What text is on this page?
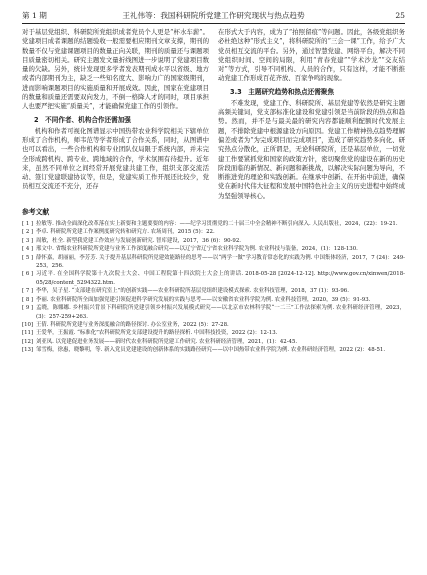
第 1 期	王礼伟等：我国科研院所党建工作研究现状与热点趋势	25

对于基层党组织、科研院所党组织成者党员个人更是“杯水车薪”。党建项目成者课题的结题验收一般需要相应期刊文章支撑，期刊的数量不仅与党建课题项目的数量正向关联，期刊的质量还与课题项目质量密切相关。研究主题发文量折线图进一步说明了党建项目数量的欠缺。另外，统计发现更多学者发表期刊成水平以省级、地方或者内部期刊为主，缺乏一些知名度大、影响力广的国家级期刊，进而影响课题项目的实施质量和开展成效。因此，国家在党建项目的数量和质量还需要双向发力，不倒一格降人才的同时，项目承担人也要严把实施“质量关”，才能确保党建工作的引领作。

2　不同作者、机构合作还需加强

机构和作者可视化图谱显示中国热带农业科学院相关下辖单位形成了合作机构，师韦范等学者形成了合作关系，同时，从图谱中也可以看出，一些合作机构和专业团队仅局限于系统内部，并未完全形成跨机构、跨专业、跨地域的合作，学术氛围有待提升。近年来，虽然不同单位之间经常开展党建共建工作，组织支部交流活动、签订党建联建协议等，但是，党建实质工作开展还比较少，党员相互交流还不充分，还存

在形式大于内容，成为了“拍照留痕”等问题。因此，各级党组织务必杜绝这种“形式主义”，将科研院所的“三会一课”工作，给予广大党员相互交流的平台。另外，通过智慧党建、网络平台，解决不同党组织时间、空间的局限，利用“青春党建”“学术沙龙”“交友结对”等方式，引导不同机构、人员的合作，只有这样，才能不断推动党建工作形成百花齐放、百家争鸣的现象。

3.3　主题研究趋势和热点还需聚焦

不难发现，党建工作、科研院所、基层党建等依然是研究主题高频关键词，党支部标准化建设和党建引领是当前阶段的热点和趋势。然而，并不是与最关最的研究内容都能顺利配额时代发展主题，不排除党建中根源建设方向原因。党建工作精神热点趋势理解偏差或者为“为完成项目而完成项目”，造成了研究趋势多向化、研究热点分散化，正所谓是，无论科研院所，还是基层单位，一切党建工作要紧抓党和国家的政策方针，密切聚焦党的建设在新的历史阶段面临的新情况、新问题和新挑战，以解决实际问题为导向，不断推进党的理论和实践创新。在继承中创新、在开拓中前进，确保党在新时代伟大征程和发展中国特色社会主义的历史进程中始终成为坚强领导核心。

参考文献
[ 1 ] 拉敏等. 推动全面深化改革落在实上新要和主题要要的内容：——纪学习贯彻党的二十届三中全会精神不断引向深入. 人民出版社，2024，(22)：19-21.
[ 2 ] 李卓. 科研院所党建工作案例度研究转和研究方. 农场周刊，2015 (5)：22.
[ 3 ] 周敏，杜全. 新型我党建工作效应与发展创新研究. 智库建设，2017，36 (6)：90-92.
[ 4 ] 邢文中. 省级农业科研院所党建与业务工作深度融合研究——以辽宁省辽宁省农业科学院为例. 农业科技与装备，2024，(1)：128-130.
[ 5 ] 薛怀嘉，胡丽丽，李芳芳. 关于提升基层科研院所党建效能路径的思考——以“两学一做”学习教育常态化的实践为例. 中国集体经济，2017，7 (24)：249-253，256.
[ 6 ] 习近平. 在全国科学院第十九次院士大会、中国工程院第十四次院士大会上的讲话. 2018-05-28 [2024-12-12]. http://www.gov.cn/xinwen/2018-05/28/content_5294322.htm.
[ 7 ] 李华，吴子星. “支部建在研究室上”的创新实践——农业科研院所基层党组织建设模式探索. 农业科技管理，2018，37 (1)：93-96.
[ 8 ] 李丽. 农业科研院所全面加强党建引领促进科学研究发展的实践与思考——以安徽省农业科学院为例. 农业科技管理，2020，39 (5)：91-93.
[ 9 ] 孟晓，陈娜娜. 乡村振兴背景下科研院所党建引领乡村振兴发展模式研究——以北京市农林科学院“一二三”工作法探索为例. 农业科研经济管理，2023，(3)：257-259+263.
[10] 王倩. 科研院所党建与业务深度融合的路径探讨. 办公室业务，2022 (5)：27-28.
[11] 王爱华，王振霞. “标准化”农科研院所党支部建设提升的路径探析. 中国科技投资，2022 (2)：12-13.
[12] 刘亚凤. 以党建促进业务发展——新时代农业科研院所党建工作研究. 农业科研经济管理，2021，(1)：42-45.
[13] 邹雪梅，徐惠，晓黎明，等. 新入党员党建建设的创新体系的实践路径研究——以中国热带农业科学院为例. 农业科研经济管理，2022 (2)：48-51.
